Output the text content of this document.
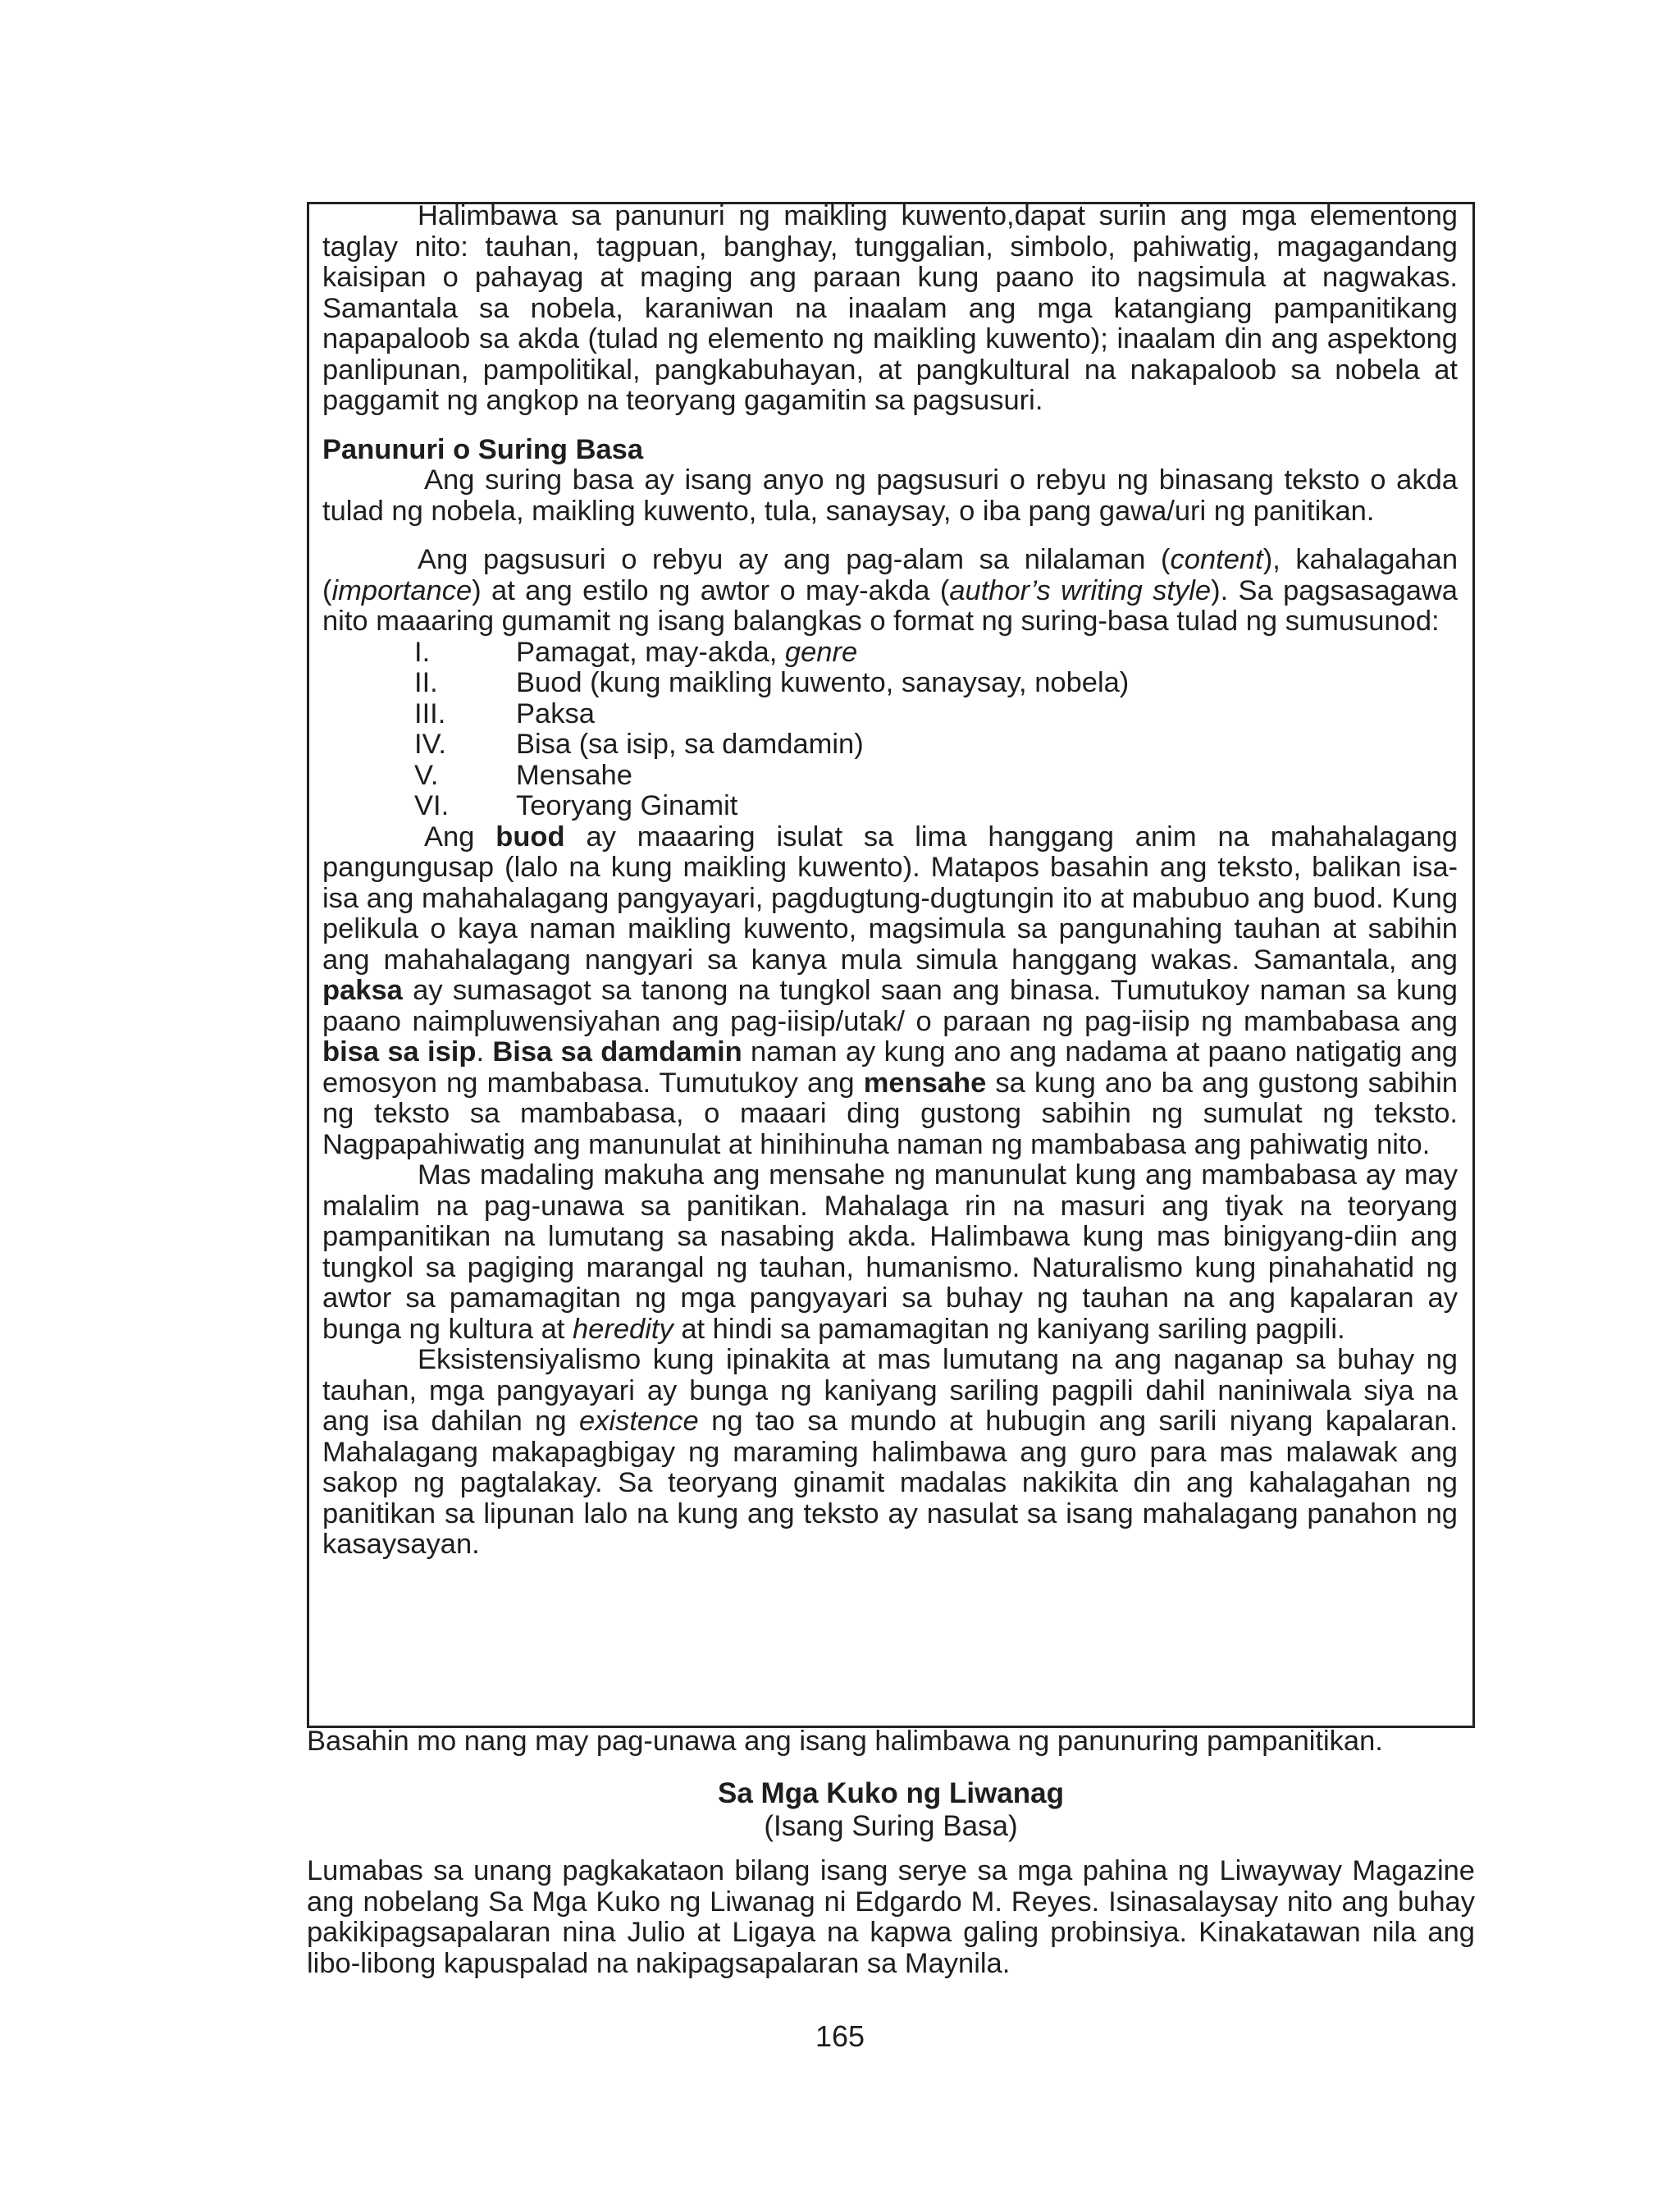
Halimbawa sa panunuri ng maikling kuwento,dapat suriin ang mga elementong taglay nito: tauhan, tagpuan, banghay, tunggalian, simbolo, pahiwatig, magagandang kaisipan o pahayag at maging ang paraan kung paano ito nagsimula at nagwakas. Samantala sa nobela, karaniwan na inaalam ang mga katangiang pampanitikang napapaloob sa akda (tulad ng elemento ng maikling kuwento); inaalam din ang aspektong panlipunan, pampolitikal, pangkabuhayan, at pangkultural na nakapaloob sa nobela at paggamit ng angkop na teoryang gagamitin sa pagsusuri.

Panunuri o Suring Basa

Ang suring basa ay isang anyo ng pagsusuri o rebyu ng binasang teksto o akda tulad ng nobela, maikling kuwento, tula, sanaysay, o iba pang gawa/uri ng panitikan.

Ang pagsusuri o rebyu ay ang pag-alam sa nilalaman (content), kahalagahan (importance) at ang estilo ng awtor o may-akda (author’s writing style). Sa pagsasagawa nito maaaring gumamit ng isang balangkas o format ng suring-basa tulad ng sumusunod:

I.	Pamagat, may-akda, genre
II.	Buod (kung maikling kuwento, sanaysay, nobela)
III. Paksa
IV. Bisa (sa isip, sa damdamin)
V.	Mensahe
VI. Teoryang Ginamit

Ang buod ay maaaring isulat sa lima hanggang anim na mahahalagang pangungusap (lalo na kung maikling kuwento). Matapos basahin ang teksto, balikan isa-isa ang mahahalagang pangyayari, pagdugtung-dugtungin ito at mabubuo ang buod. Kung pelikula o kaya naman maikling kuwento, magsimula sa pangunahing tauhan at sabihin ang mahahalagang nangyari sa kanya mula simula hanggang wakas. Samantala, ang paksa ay sumasagot sa tanong na tungkol saan ang binasa. Tumutukoy naman sa kung paano naimpluwensiyahan ang pag-iisip/utak/ o paraan ng pag-iisip ng mambabasa ang bisa sa isip. Bisa sa damdamin naman ay kung ano ang nadama at paano natigatig ang emosyon ng mambabasa. Tumutukoy ang mensahe sa kung ano ba ang gustong sabihin ng teksto sa mambabasa, o maaari ding gustong sabihin ng sumulat ng teksto. Nagpapahiwatig ang manunulat at hinihinuha naman ng mambabasa ang pahiwatig nito.

Mas madaling makuha ang mensahe ng manunulat kung ang mambabasa ay may malalim na pag-unawa sa panitikan. Mahalaga rin na masuri ang tiyak na teoryang pampanitikan na lumutang sa nasabing akda. Halimbawa kung mas binigyang-diin ang tungkol sa pagiging marangal ng tauhan, humanismo. Naturalismo kung pinahahatid ng awtor sa pamamagitan ng mga pangyayari sa buhay ng tauhan na ang kapalaran ay bunga ng kultura at heredity at hindi sa pamamagitan ng kaniyang sariling pagpili.

Eksistensiyalismo kung ipinakita at mas lumutang na ang naganap sa buhay ng tauhan, mga pangyayari ay bunga ng kaniyang sariling pagpili dahil naniniwala siya na ang isa dahilan ng existence ng tao sa mundo at hubugin ang sarili niyang kapalaran. Mahalagang makapagbigay ng maraming halimbawa ang guro para mas malawak ang sakop ng pagtalakay. Sa teoryang ginamit madalas nakikita din ang kahalagahan ng panitikan sa lipunan lalo na kung ang teksto ay nasulat sa isang mahalagang panahon ng kasaysayan.

Basahin mo nang may pag-unawa ang isang halimbawa ng panunuring pampanitikan.

Sa Mga Kuko ng Liwanag
(Isang Suring Basa)

Lumabas sa unang pagkakataon bilang isang serye sa mga pahina ng Liwayway Magazine ang nobelang Sa Mga Kuko ng Liwanag ni Edgardo M. Reyes. Isinasalaysay nito ang buhay pakikipagsapalaran nina Julio at Ligaya na kapwa galing probinsiya. Kinakatawan nila ang libo-libong kapuspalad na nakipagsapalaran sa Maynila.

165
